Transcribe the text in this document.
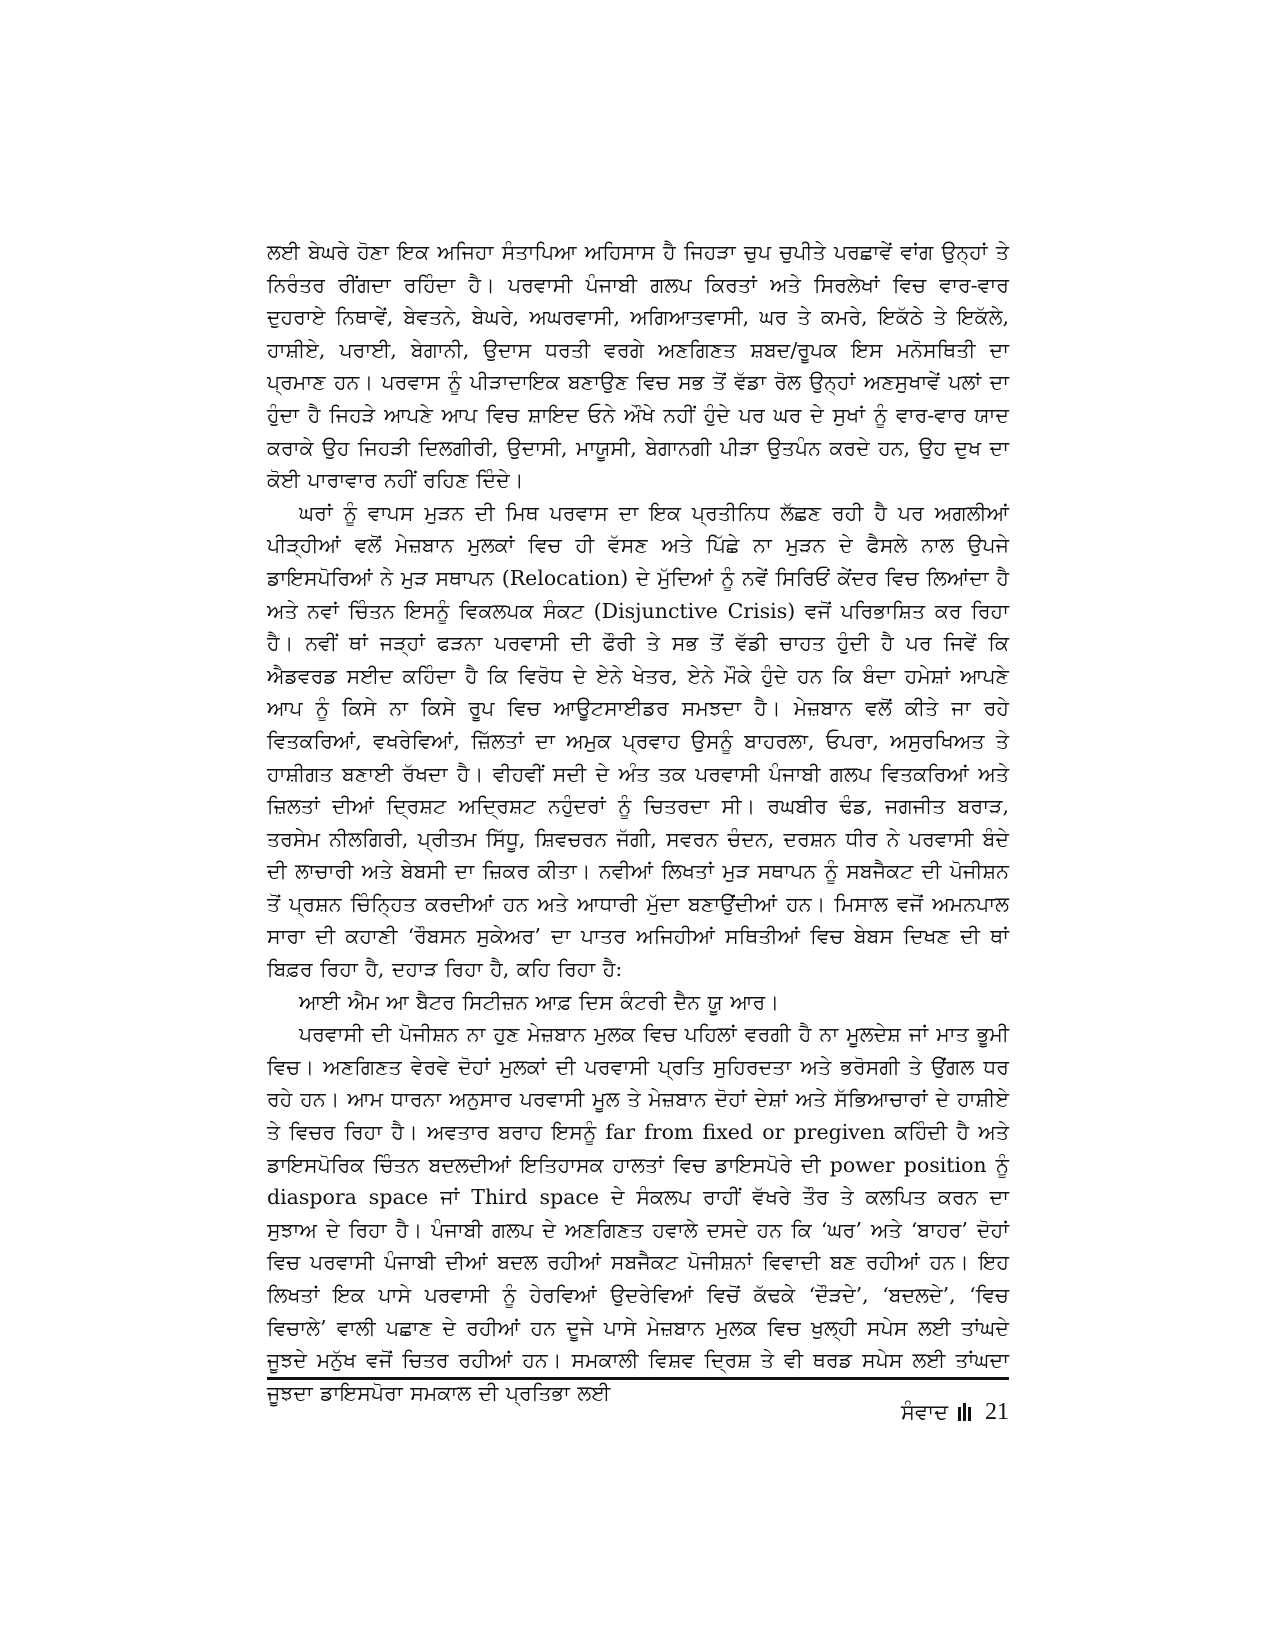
ਲਈ ਬੇਘਰੇ ਹੋਣਾ ਇਕ ਅਜਿਹਾ ਸੰਤਾਪਿਆ ਅਹਿਸਾਸ ਹੈ ਜਿਹੜਾ ਚੁਪ ਚੁਪੀਤੇ ਪਰਛਾਵੇਂ ਵਾਂਗ ਉਨ੍ਹਾਂ ਤੇ ਨਿਰੰਤਰ ਰੀਂਗਦਾ ਰਹਿੰਦਾ ਹੈ। ਪਰਵਾਸੀ ਪੰਜਾਬੀ ਗਲਪ ਕਿਰਤਾਂ ਅਤੇ ਸਿਰਲੇਖਾਂ ਵਿਚ ਵਾਰ-ਵਾਰ ਦੁਹਰਾਏ ਨਿਥਾਵੇਂ, ਬੇਵਤਨੇ, ਬੇਘਰੇ, ਅਘਰਵਾਸੀ, ਅਗਿਆਤਵਾਸੀ, ਘਰ ਤੇ ਕਮਰੇ, ਇਕੱਠੇ ਤੇ ਇਕੱਲੇ, ਹਾਸ਼ੀਏ, ਪਰਾਈ, ਬੇਗਾਨੀ, ਉਦਾਸ ਧਰਤੀ ਵਰਗੇ ਅਣਗਿਣਤ ਸ਼ਬਦ/ਰੂਪਕ ਇਸ ਮਨੋਸਥਿਤੀ ਦਾ ਪ੍ਰਮਾਣ ਹਨ। ਪਰਵਾਸ ਨੂੰ ਪੀੜਾਦਾਇਕ ਬਣਾਉਣ ਵਿਚ ਸਭ ਤੋਂ ਵੱਡਾ ਰੋਲ ਉਨ੍ਹਾਂ ਅਣਸੁਖਾਵੇਂ ਪਲਾਂ ਦਾ ਹੁੰਦਾ ਹੈ ਜਿਹੜੇ ਆਪਣੇ ਆਪ ਵਿਚ ਸ਼ਾਇਦ ਓਨੇ ਔਖੇ ਨਹੀਂ ਹੁੰਦੇ ਪਰ ਘਰ ਦੇ ਸੁਖਾਂ ਨੂੰ ਵਾਰ-ਵਾਰ ਯਾਦ ਕਰਾਕੇ ਉਹ ਜਿਹੜੀ ਦਿਲਗੀਰੀ, ਉਦਾਸੀ, ਮਾਯੂਸੀ, ਬੇਗਾਨਗੀ ਪੀੜਾ ਉਤਪੰਨ ਕਰਦੇ ਹਨ, ਉਹ ਦੁਖ ਦਾ ਕੋਈ ਪਾਰਾਵਾਰ ਨਹੀਂ ਰਹਿਣ ਦਿੰਦੇ।

ਘਰਾਂ ਨੂੰ ਵਾਪਸ ਮੁੜਨ ਦੀ ਮਿਥ ਪਰਵਾਸ ਦਾ ਇਕ ਪ੍ਰਤੀਨਿਧ ਲੱਛਣ ਰਹੀ ਹੈ ਪਰ ਅਗਲੀਆਂ ਪੀੜ੍ਹੀਆਂ ਵਲੋਂ ਮੇਜ਼ਬਾਨ ਮੁਲਕਾਂ ਵਿਚ ਹੀ ਵੱਸਣ ਅਤੇ ਪਿੱਛੇ ਨਾ ਮੁੜਨ ਦੇ ਫੈਸਲੇ ਨਾਲ ਉਪਜੇ ਡਾਇਸਪੋਰਿਆਂ ਨੇ ਮੁੜ ਸਥਾਪਨ (Relocation) ਦੇ ਮੁੱਦਿਆਂ ਨੂੰ ਨਵੇਂ ਸਿਰਿਓਂ ਕੇਂਦਰ ਵਿਚ ਲਿਆਂਦਾ ਹੈ ਅਤੇ ਨਵਾਂ ਚਿੰਤਨ ਇਸਨੂੰ ਵਿਕਲਪਕ ਸੰਕਟ (Disjunctive Crisis) ਵਜੋਂ ਪਰਿਭਾਸ਼ਿਤ ਕਰ ਰਿਹਾ ਹੈ। ਨਵੀਂ ਥਾਂ ਜੜ੍ਹਾਂ ਫੜਨਾ ਪਰਵਾਸੀ ਦੀ ਫੌਰੀ ਤੇ ਸਭ ਤੋਂ ਵੱਡੀ ਚਾਹਤ ਹੁੰਦੀ ਹੈ ਪਰ ਜਿਵੇਂ ਕਿ ਐਡਵਰਡ ਸਈਦ ਕਹਿੰਦਾ ਹੈ ਕਿ ਵਿਰੋਧ ਦੇ ਏਨੇ ਖੇਤਰ, ਏਨੇ ਮੌਕੇ ਹੁੰਦੇ ਹਨ ਕਿ ਬੰਦਾ ਹਮੇਸ਼ਾਂ ਆਪਣੇ ਆਪ ਨੂੰ ਕਿਸੇ ਨਾ ਕਿਸੇ ਰੂਪ ਵਿਚ ਆਊਟਸਾਈਡਰ ਸਮਝਦਾ ਹੈ। ਮੇਜ਼ਬਾਨ ਵਲੋਂ ਕੀਤੇ ਜਾ ਰਹੇ ਵਿਤਕਰਿਆਂ, ਵਖਰੇਵਿਆਂ, ਜ਼ਿੱਲਤਾਂ ਦਾ ਅਮੁਕ ਪ੍ਰਵਾਹ ਉਸਨੂੰ ਬਾਹਰਲਾ, ਓਪਰਾ, ਅਸੁਰਖਿਅਤ ਤੇ ਹਾਸ਼ੀਗਤ ਬਣਾਈ ਰੱਖਦਾ ਹੈ। ਵੀਹਵੀਂ ਸਦੀ ਦੇ ਅੰਤ ਤਕ ਪਰਵਾਸੀ ਪੰਜਾਬੀ ਗਲਪ ਵਿਤਕਰਿਆਂ ਅਤੇ ਜ਼ਿਲਤਾਂ ਦੀਆਂ ਦ੍ਰਿਸ਼ਟ ਅਦ੍ਰਿਸ਼ਟ ਨਹੁੰਦਰਾਂ ਨੂੰ ਚਿਤਰਦਾ ਸੀ। ਰਘਬੀਰ ਢੰਡ, ਜਗਜੀਤ ਬਰਾੜ, ਤਰਸੇਮ ਨੀਲਗਿਰੀ, ਪ੍ਰੀਤਮ ਸਿੱਧੂ, ਸ਼ਿਵਚਰਨ ਜੱਗੀ, ਸਵਰਨ ਚੰਦਨ, ਦਰਸ਼ਨ ਧੀਰ ਨੇ ਪਰਵਾਸੀ ਬੰਦੇ ਦੀ ਲਾਚਾਰੀ ਅਤੇ ਬੇਬਸੀ ਦਾ ਜ਼ਿਕਰ ਕੀਤਾ। ਨਵੀਆਂ ਲਿਖਤਾਂ ਮੁੜ ਸਥਾਪਨ ਨੂੰ ਸਬਜੈਕਟ ਦੀ ਪੋਜੀਸ਼ਨ ਤੋਂ ਪ੍ਰਸ਼ਨ ਚਿੰਨ੍ਹਿਤ ਕਰਦੀਆਂ ਹਨ ਅਤੇ ਆਧਾਰੀ ਮੁੱਦਾ ਬਣਾਉਂਦੀਆਂ ਹਨ। ਮਿਸਾਲ ਵਜੋਂ ਅਮਨਪਾਲ ਸਾਰਾ ਦੀ ਕਹਾਣੀ ‘ਰੌਬਸਨ ਸੁਕੇਅਰ’ ਦਾ ਪਾਤਰ ਅਜਿਹੀਆਂ ਸਥਿਤੀਆਂ ਵਿਚ ਬੇਬਸ ਦਿਖਣ ਦੀ ਥਾਂ ਬਿਫ਼ਰ ਰਿਹਾ ਹੈ, ਦਹਾੜ ਰਿਹਾ ਹੈ, ਕਹਿ ਰਿਹਾ ਹੈ:

ਆਈ ਐਮ ਆ ਬੈਟਰ ਸਿਟੀਜ਼ਨ ਆਫ਼ ਦਿਸ ਕੰਟਰੀ ਦੈਨ ਯੂ ਆਰ।

ਪਰਵਾਸੀ ਦੀ ਪੋਜੀਸ਼ਨ ਨਾ ਹੁਣ ਮੇਜ਼ਬਾਨ ਮੁਲਕ ਵਿਚ ਪਹਿਲਾਂ ਵਰਗੀ ਹੈ ਨਾ ਮੂਲਦੇਸ਼ ਜਾਂ ਮਾਤ ਭੂਮੀ ਵਿਚ। ਅਣਗਿਣਤ ਵੇਰਵੇ ਦੋਹਾਂ ਮੁਲਕਾਂ ਦੀ ਪਰਵਾਸੀ ਪ੍ਰਤਿ ਸੁਹਿਰਦਤਾ ਅਤੇ ਭਰੋਸਗੀ ਤੇ ਉਂਗਲ ਧਰ ਰਹੇ ਹਨ। ਆਮ ਧਾਰਨਾ ਅਨੁਸਾਰ ਪਰਵਾਸੀ ਮੂਲ ਤੇ ਮੇਜ਼ਬਾਨ ਦੋਹਾਂ ਦੇਸ਼ਾਂ ਅਤੇ ਸੱਭਿਆਚਾਰਾਂ ਦੇ ਹਾਸ਼ੀਏ ਤੇ ਵਿਚਰ ਰਿਹਾ ਹੈ। ਅਵਤਾਰ ਬਰਾਹ ਇਸਨੂੰ far from fixed or pregiven ਕਹਿੰਦੀ ਹੈ ਅਤੇ ਡਾਇਸਪੋਰਿਕ ਚਿੰਤਨ ਬਦਲਦੀਆਂ ਇਤਿਹਾਸਕ ਹਾਲਤਾਂ ਵਿਚ ਡਾਇਸਪੋਰੇ ਦੀ power position ਨੂੰ diaspora space ਜਾਂ Third space ਦੇ ਸੰਕਲਪ ਰਾਹੀਂ ਵੱਖਰੇ ਤੌਰ ਤੇ ਕਲਪਿਤ ਕਰਨ ਦਾ ਸੁਝਾਅ ਦੇ ਰਿਹਾ ਹੈ। ਪੰਜਾਬੀ ਗਲਪ ਦੇ ਅਣਗਿਣਤ ਹਵਾਲੇ ਦਸਦੇ ਹਨ ਕਿ ‘ਘਰ’ ਅਤੇ ‘ਬਾਹਰ’ ਦੋਹਾਂ ਵਿਚ ਪਰਵਾਸੀ ਪੰਜਾਬੀ ਦੀਆਂ ਬਦਲ ਰਹੀਆਂ ਸਬਜੈਕਟ ਪੋਜੀਸ਼ਨਾਂ ਵਿਵਾਦੀ ਬਣ ਰਹੀਆਂ ਹਨ। ਇਹ ਲਿਖਤਾਂ ਇਕ ਪਾਸੇ ਪਰਵਾਸੀ ਨੂੰ ਹੇਰਵਿਆਂ ਉਦਰੇਵਿਆਂ ਵਿਚੋਂ ਕੱਢਕੇ ‘ਦੌੜਦੇ’, ‘ਬਦਲਦੇ’, ‘ਵਿਚ ਵਿਚਾਲੇ’ ਵਾਲੀ ਪਛਾਣ ਦੇ ਰਹੀਆਂ ਹਨ ਦੂਜੇ ਪਾਸੇ ਮੇਜ਼ਬਾਨ ਮੁਲਕ ਵਿਚ ਖੁਲ੍ਹੀ ਸਪੇਸ ਲਈ ਤਾਂਘਦੇ ਜੂਝਦੇ ਮਨੁੱਖ ਵਜੋਂ ਚਿਤਰ ਰਹੀਆਂ ਹਨ। ਸਮਕਾਲੀ ਵਿਸ਼ਵ ਦ੍ਰਿਸ਼ ਤੇ ਵੀ ਥਰਡ ਸਪੇਸ ਲਈ ਤਾਂਘਦਾ ਜੂਝਦਾ ਡਾਇਸਪੋਰਾ ਸਮਕਾਲ ਦੀ ਪ੍ਰਤਿਭਾ ਲਈ

ਸੰਵਾਦ 21
